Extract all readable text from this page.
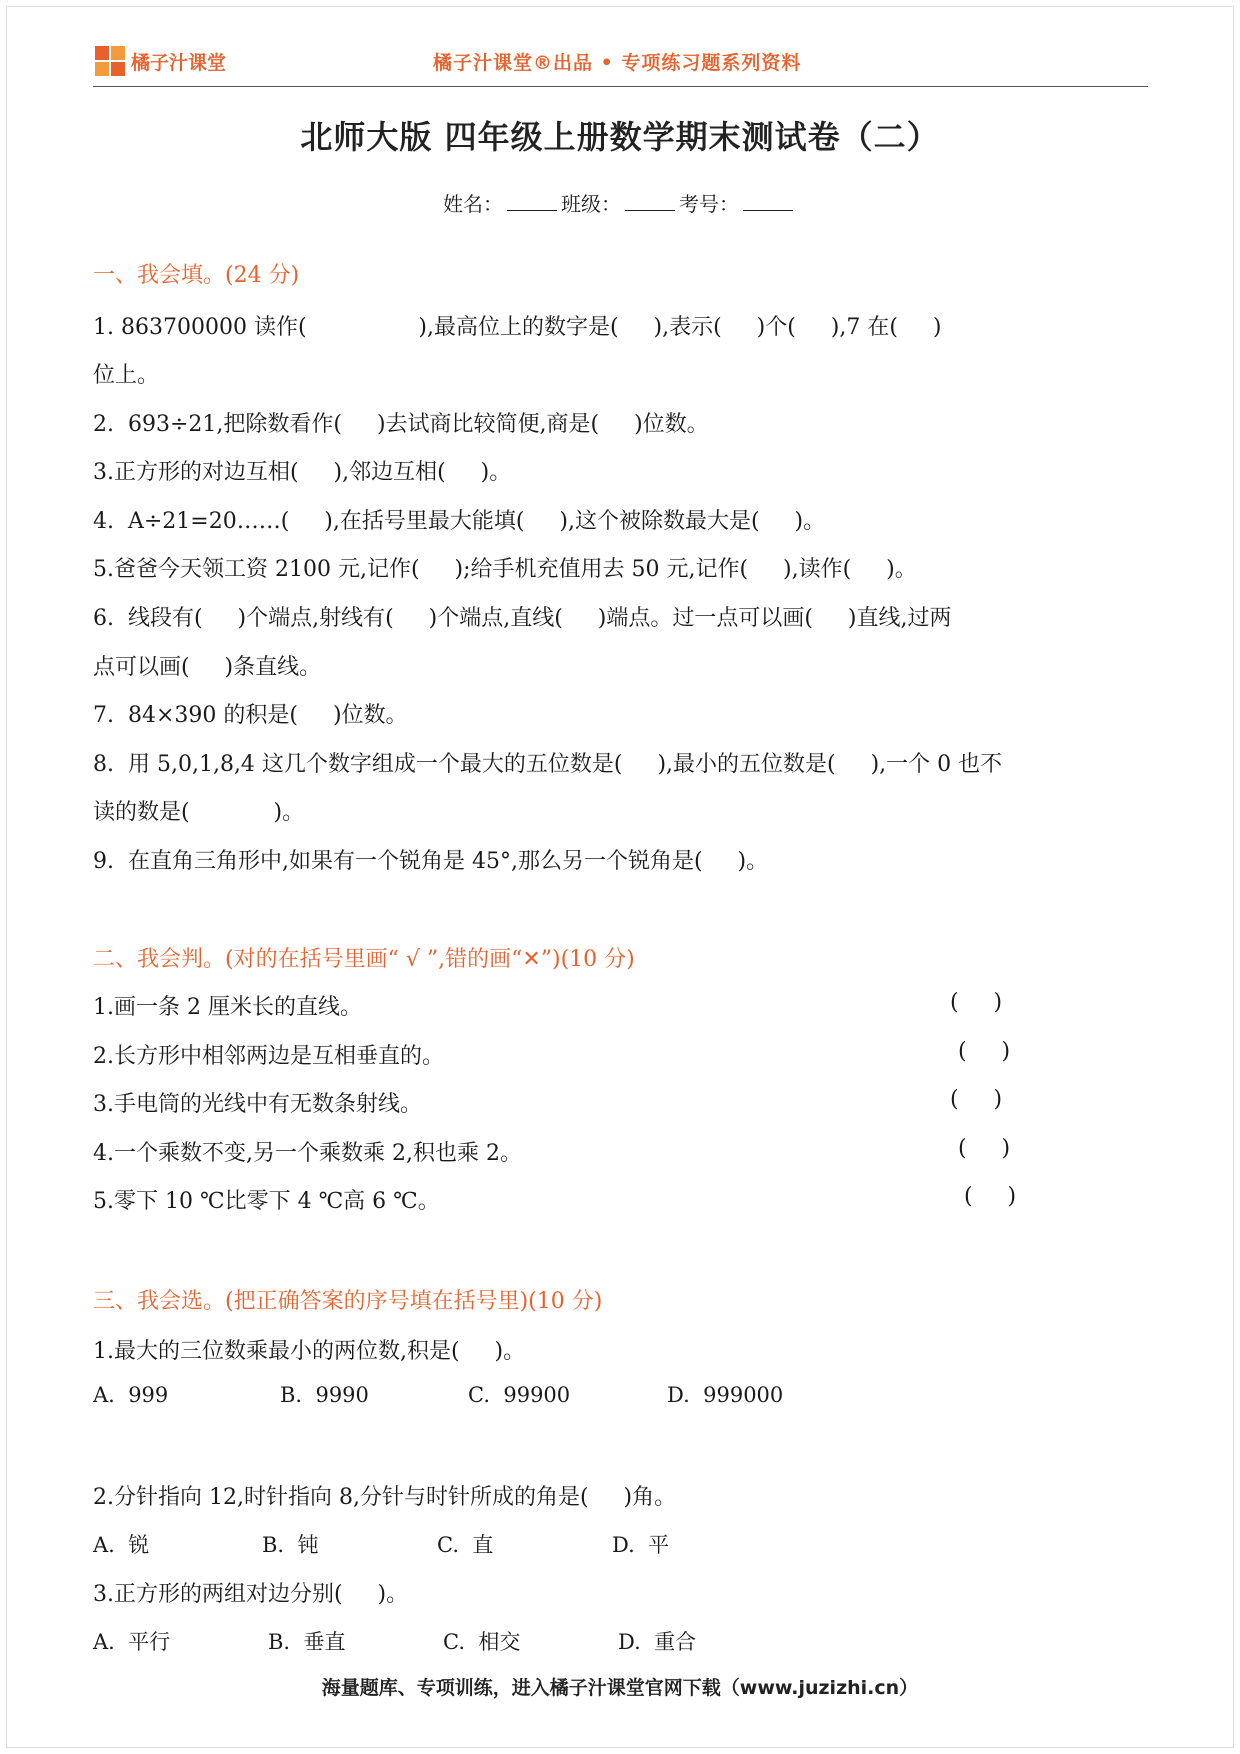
橘子汁课堂	橘子汁课堂®出品 • 专项练习题系列资料
北师大版 四年级上册数学期末测试卷（二）
姓名：	班级：	考号：
一、我会填。(24 分)
1. 863700000 读作(                ),最高位上的数字是(     ),表示(     )个(     ),7 在(     )
位上。
2.  693÷21,把除数看作(     )去试商比较简便,商是(     )位数。
3.正方形的对边互相(     ),邻边互相(     )。
4.  A÷21=20……(     ),在括号里最大能填(     ),这个被除数最大是(     )。
5.爸爸今天领工资 2100 元,记作(     );给手机充值用去 50 元,记作(     ),读作(     )。
6.  线段有(     )个端点,射线有(     )个端点,直线(     )端点。过一点可以画(     )直线,过两
点可以画(     )条直线。
7.  84×390 的积是(     )位数。
8.  用 5,0,1,8,4 这几个数字组成一个最大的五位数是(     ),最小的五位数是(     ),一个 0 也不
读的数是(            )。
9.  在直角三角形中,如果有一个锐角是 45°,那么另一个锐角是(     )。
二、我会判。(对的在括号里画“ √ ”,错的画“✕”)(10 分)
1.画一条 2 厘米长的直线。	(     )
2.长方形中相邻两边是互相垂直的。	(     )
3.手电筒的光线中有无数条射线。	(     )
4.一个乘数不变,另一个乘数乘 2,积也乘 2。	(     )
5.零下 10 ℃比零下 4 ℃高 6 ℃。	(     )
三、我会选。(把正确答案的序号填在括号里)(10 分)
1.最大的三位数乘最小的两位数,积是(     )。
A.  999	B.  9990	C.  99900	D.  999000
2.分针指向 12,时针指向 8,分针与时针所成的角是(     )角。
A.  锐	B.  钝	C.  直	D.  平
3.正方形的两组对边分别(     )。
A.  平行	B.  垂直	C.  相交	D.  重合
海量题库、专项训练，进入橘子汁课堂官网下载（www.juzizhi.cn）
